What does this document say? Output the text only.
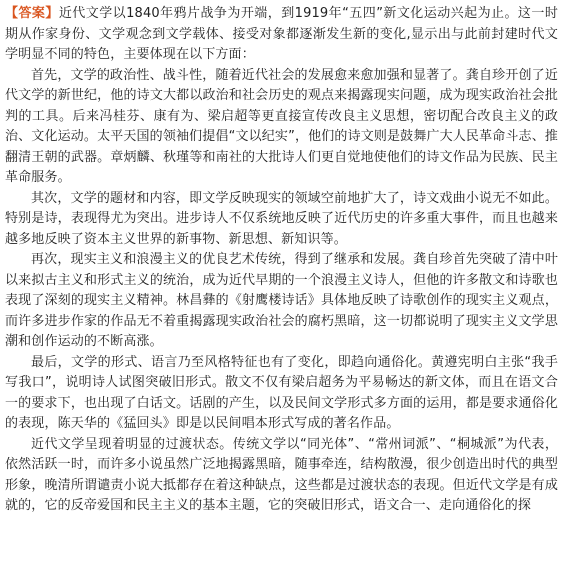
【答案】近代文学以1840年鸦片战争为开端，到1919年“五四”新文化运动兴起为止。这一时期从作家身份、文学观念到文学载体、接受对象都逐渐发生新的变化,显示出与此前封建时代文学明显不同的特色，主要体现在以下方面：

首先，文学的政治性、战斗性，随着近代社会的发展愈来愈加强和显著了。龚自珍开创了近代文学的新世纪，他的诗文大都以政治和社会历史的观点来揭露现实问题，成为现实政治社会批判的工具。后来冯桂芬、康有为、梁启超等更直接宣传改良主义思想，密切配合改良主义的政治、文化运动。太平天国的领袖们提倡“文以纪实”，他们的诗文则是鼓舞广大人民革命斗志、推翻清王朝的武器。章炳麟、秋瑾等和南社的大批诗人们更自觉地使他们的诗文作品为民族、民主革命服务。

其次，文学的题材和内容，即文学反映现实的领域空前地扩大了，诗文戏曲小说无不如此。特别是诗，表现得尤为突出。进步诗人不仅系统地反映了近代历史的许多重大事件，而且也越来越多地反映了资本主义世界的新事物、新思想、新知识等。

再次，现实主义和浪漫主义的优良艺术传统，得到了继承和发展。龚自珍首先突破了清中叶以来拟古主义和形式主义的统治，成为近代早期的一个浪漫主义诗人，但他的许多散文和诗歌也表现了深刻的现实主义精神。林昌彝的《射鹰楼诗话》具体地反映了诗歌创作的现实主义观点，而许多进步作家的作品无不着重揭露现实政治社会的腐朽黑暗，这一切都说明了现实主义文学思潮和创作运动的不断高涨。

最后，文学的形式、语言乃至风格特征也有了变化，即趋向通俗化。黄遵宪明白主张“我手写我口”，说明诗人试图突破旧形式。散文不仅有梁启超务为平易畅达的新文体，而且在语文合一的要求下，也出现了白话文。话剧的产生，以及民间文学形式多方面的运用，都是要求通俗化的表现，陈天华的《猛回头》即是以民间唱本形式写成的著名作品。

近代文学呈现着明显的过渡状态。传统文学以“同光体”、“常州词派”、“桐城派”为代表，依然活跃一时，而许多小说虽然广泛地揭露黑暗，随事牵连，结构散漫，很少创造出时代的典型形象，晚清所谓谴责小说大抵都存在着这种缺点，这些都是过渡状态的表现。但近代文学是有成就的，它的反帝爱国和民主主义的基本主题，它的突破旧形式，语文合一、走向通俗化的探
